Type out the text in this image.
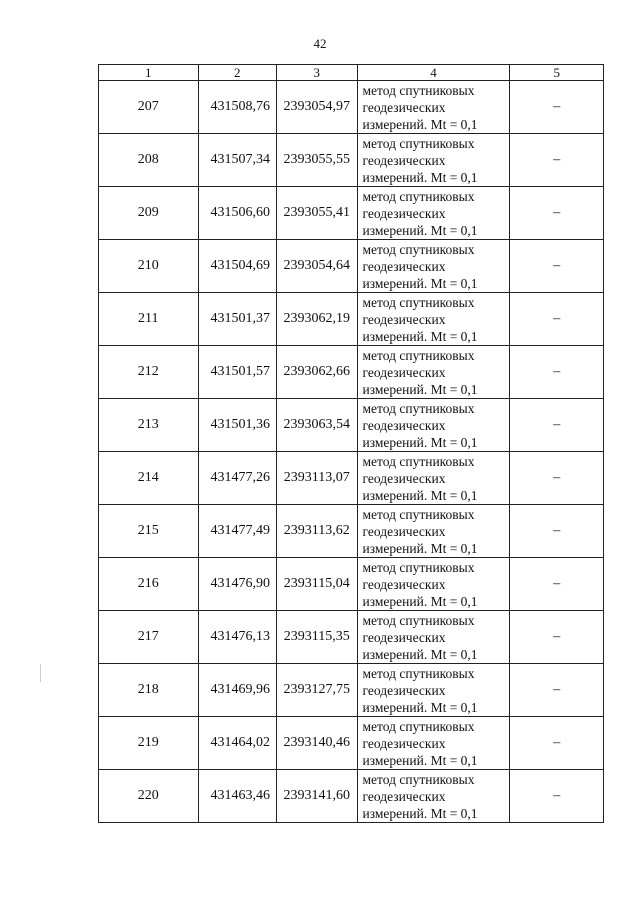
42
1	2	3	4	5
207	431508,76	2393054,97	метод спутниковых
геодезических
измерений. Mt = 0,1	–
208	431507,34	2393055,55	метод спутниковых
геодезических
измерений. Mt = 0,1	–
209	431506,60	2393055,41	метод спутниковых
геодезических
измерений. Mt = 0,1	–
210	431504,69	2393054,64	метод спутниковых
геодезических
измерений. Mt = 0,1	–
211	431501,37	2393062,19	метод спутниковых
геодезических
измерений. Mt = 0,1	–
212	431501,57	2393062,66	метод спутниковых
геодезических
измерений. Mt = 0,1	–
213	431501,36	2393063,54	метод спутниковых
геодезических
измерений. Mt = 0,1	–
214	431477,26	2393113,07	метод спутниковых
геодезических
измерений. Mt = 0,1	–
215	431477,49	2393113,62	метод спутниковых
геодезических
измерений. Mt = 0,1	–
216	431476,90	2393115,04	метод спутниковых
геодезических
измерений. Mt = 0,1	–
217	431476,13	2393115,35	метод спутниковых
геодезических
измерений. Mt = 0,1	–
218	431469,96	2393127,75	метод спутниковых
геодезических
измерений. Mt = 0,1	–
219	431464,02	2393140,46	метод спутниковых
геодезических
измерений. Mt = 0,1	–
220	431463,46	2393141,60	метод спутниковых
геодезических
измерений. Mt = 0,1	–
